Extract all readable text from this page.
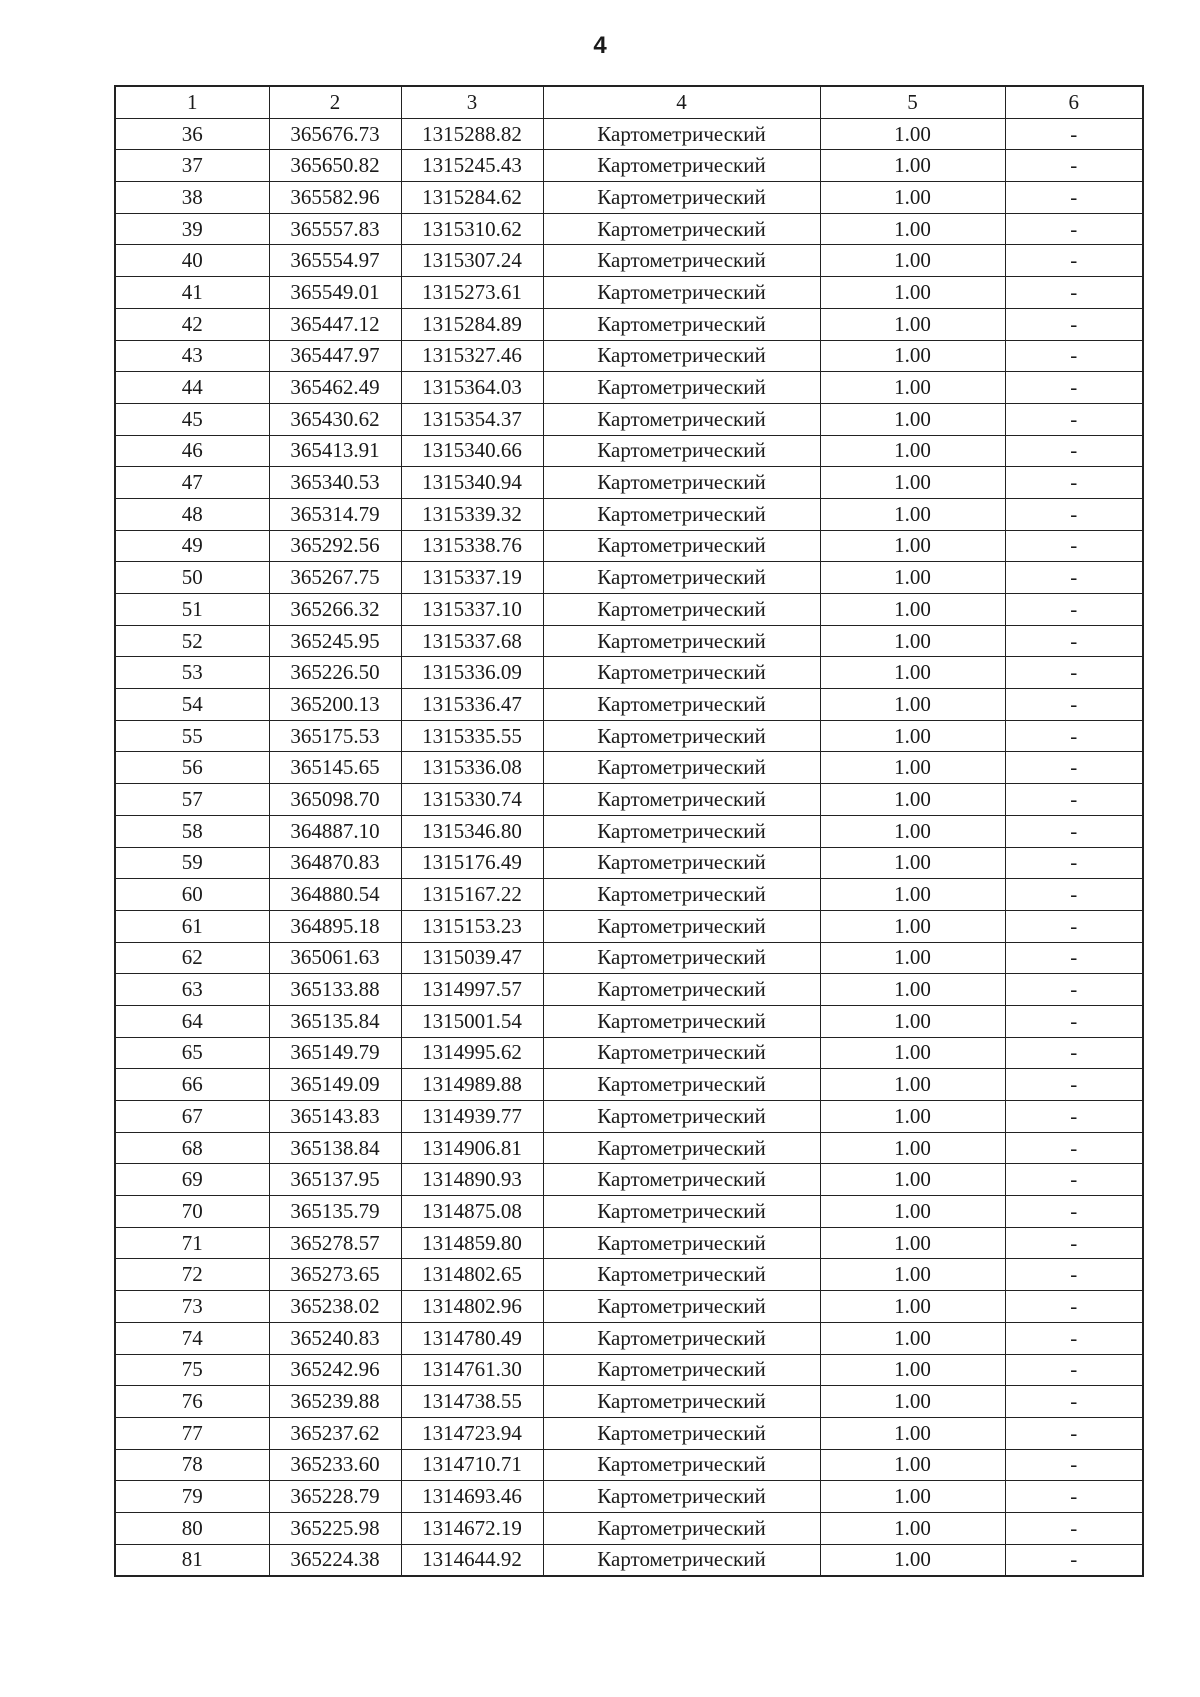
4
1	2	3	4	5	6
36	365676.73	1315288.82	Картометрический	1.00	-
37	365650.82	1315245.43	Картометрический	1.00	-
38	365582.96	1315284.62	Картометрический	1.00	-
39	365557.83	1315310.62	Картометрический	1.00	-
40	365554.97	1315307.24	Картометрический	1.00	-
41	365549.01	1315273.61	Картометрический	1.00	-
42	365447.12	1315284.89	Картометрический	1.00	-
43	365447.97	1315327.46	Картометрический	1.00	-
44	365462.49	1315364.03	Картометрический	1.00	-
45	365430.62	1315354.37	Картометрический	1.00	-
46	365413.91	1315340.66	Картометрический	1.00	-
47	365340.53	1315340.94	Картометрический	1.00	-
48	365314.79	1315339.32	Картометрический	1.00	-
49	365292.56	1315338.76	Картометрический	1.00	-
50	365267.75	1315337.19	Картометрический	1.00	-
51	365266.32	1315337.10	Картометрический	1.00	-
52	365245.95	1315337.68	Картометрический	1.00	-
53	365226.50	1315336.09	Картометрический	1.00	-
54	365200.13	1315336.47	Картометрический	1.00	-
55	365175.53	1315335.55	Картометрический	1.00	-
56	365145.65	1315336.08	Картометрический	1.00	-
57	365098.70	1315330.74	Картометрический	1.00	-
58	364887.10	1315346.80	Картометрический	1.00	-
59	364870.83	1315176.49	Картометрический	1.00	-
60	364880.54	1315167.22	Картометрический	1.00	-
61	364895.18	1315153.23	Картометрический	1.00	-
62	365061.63	1315039.47	Картометрический	1.00	-
63	365133.88	1314997.57	Картометрический	1.00	-
64	365135.84	1315001.54	Картометрический	1.00	-
65	365149.79	1314995.62	Картометрический	1.00	-
66	365149.09	1314989.88	Картометрический	1.00	-
67	365143.83	1314939.77	Картометрический	1.00	-
68	365138.84	1314906.81	Картометрический	1.00	-
69	365137.95	1314890.93	Картометрический	1.00	-
70	365135.79	1314875.08	Картометрический	1.00	-
71	365278.57	1314859.80	Картометрический	1.00	-
72	365273.65	1314802.65	Картометрический	1.00	-
73	365238.02	1314802.96	Картометрический	1.00	-
74	365240.83	1314780.49	Картометрический	1.00	-
75	365242.96	1314761.30	Картометрический	1.00	-
76	365239.88	1314738.55	Картометрический	1.00	-
77	365237.62	1314723.94	Картометрический	1.00	-
78	365233.60	1314710.71	Картометрический	1.00	-
79	365228.79	1314693.46	Картометрический	1.00	-
80	365225.98	1314672.19	Картометрический	1.00	-
81	365224.38	1314644.92	Картометрический	1.00	-
